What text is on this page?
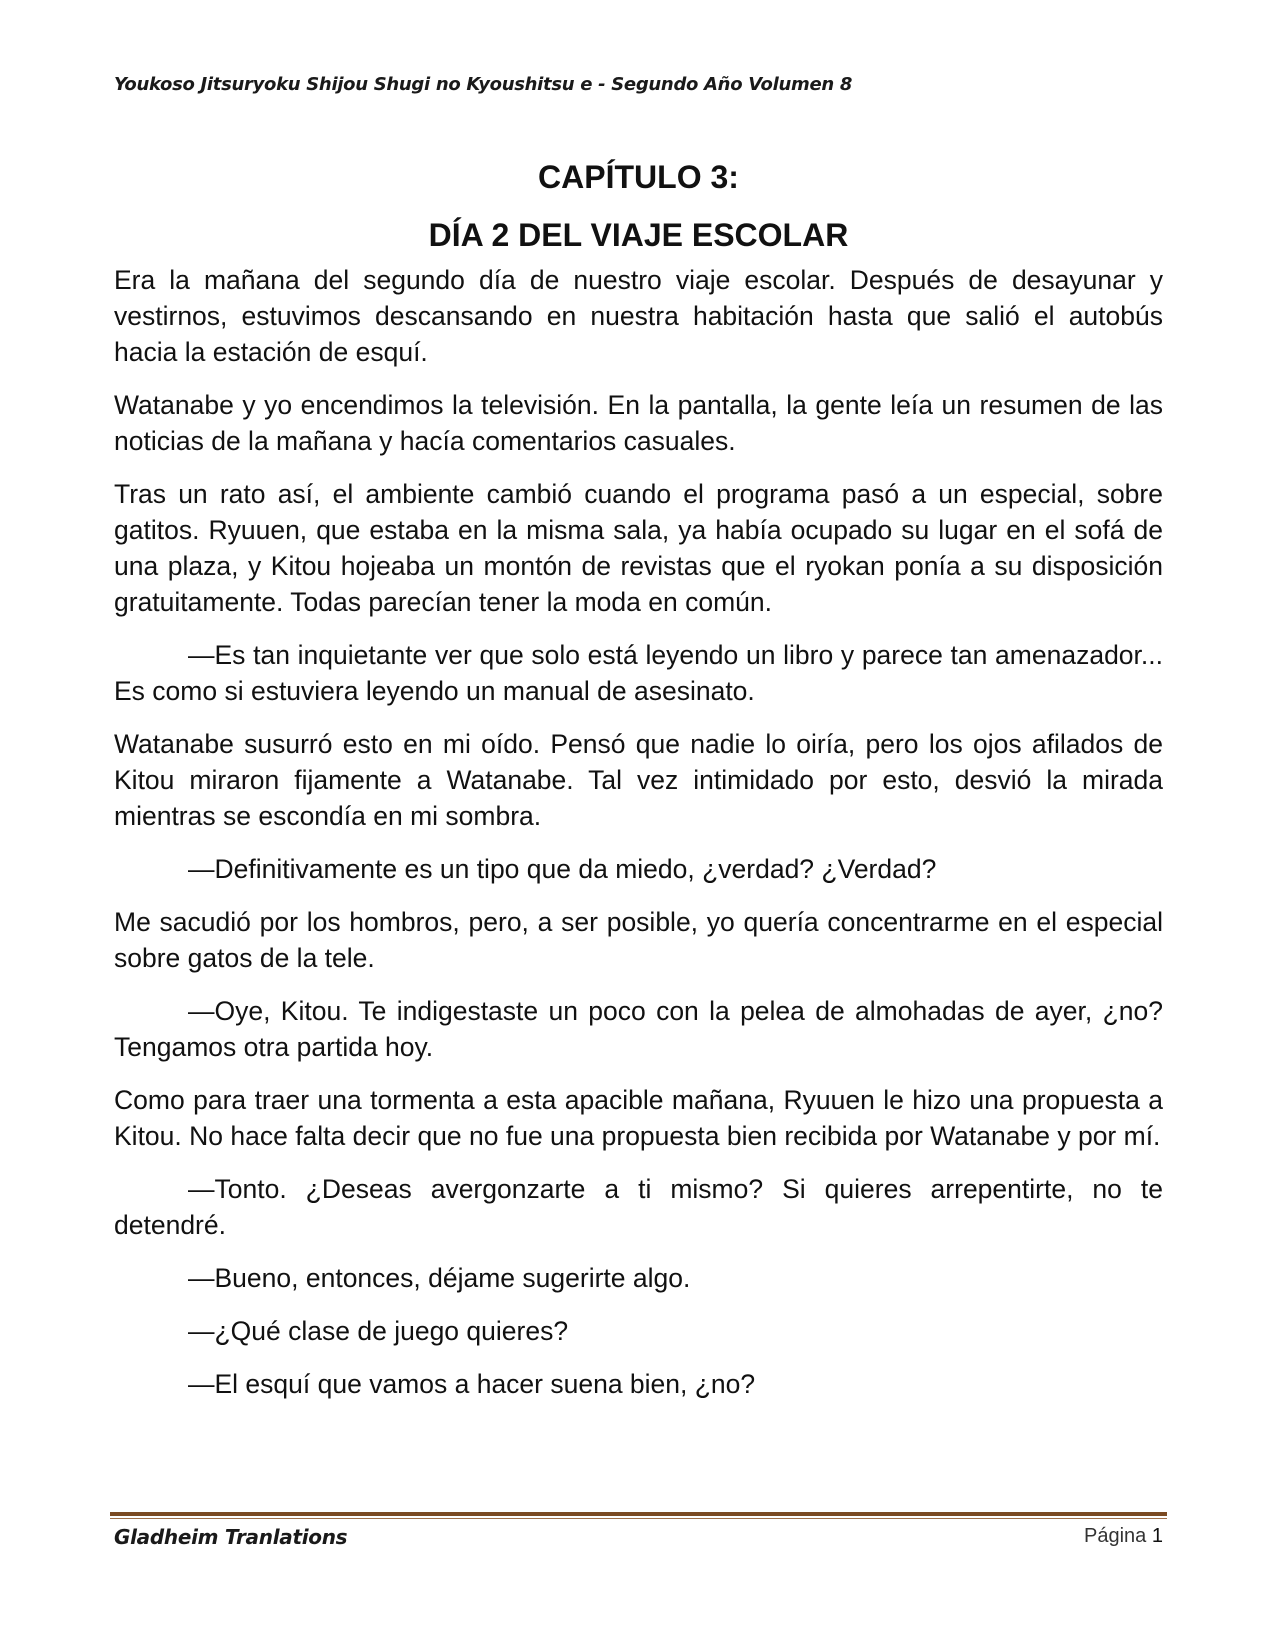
Youkoso Jitsuryoku Shijou Shugi no Kyoushitsu e - Segundo Año Volumen 8
CAPÍTULO 3:
DÍA 2 DEL VIAJE ESCOLAR

Era la mañana del segundo día de nuestro viaje escolar. Después de desayunar y vestirnos, estuvimos descansando en nuestra habitación hasta que salió el autobús hacia la estación de esquí.

Watanabe y yo encendimos la televisión. En la pantalla, la gente leía un resumen de las noticias de la mañana y hacía comentarios casuales.

Tras un rato así, el ambiente cambió cuando el programa pasó a un especial, sobre gatitos. Ryuuen, que estaba en la misma sala, ya había ocupado su lugar en el sofá de una plaza, y Kitou hojeaba un montón de revistas que el ryokan ponía a su disposición gratuitamente. Todas parecían tener la moda en común.

—Es tan inquietante ver que solo está leyendo un libro y parece tan amenazador... Es como si estuviera leyendo un manual de asesinato.

Watanabe susurró esto en mi oído. Pensó que nadie lo oiría, pero los ojos afilados de Kitou miraron fijamente a Watanabe. Tal vez intimidado por esto, desvió la mirada mientras se escondía en mi sombra.

—Definitivamente es un tipo que da miedo, ¿verdad? ¿Verdad?

Me sacudió por los hombros, pero, a ser posible, yo quería concentrarme en el especial sobre gatos de la tele.

—Oye, Kitou. Te indigestaste un poco con la pelea de almohadas de ayer, ¿no? Tengamos otra partida hoy.

Como para traer una tormenta a esta apacible mañana, Ryuuen le hizo una propuesta a Kitou. No hace falta decir que no fue una propuesta bien recibida por Watanabe y por mí.

—Tonto. ¿Deseas avergonzarte a ti mismo? Si quieres arrepentirte, no te detendré.

—Bueno, entonces, déjame sugerirte algo.

—¿Qué clase de juego quieres?

—El esquí que vamos a hacer suena bien, ¿no?

Gladheim Tranlations	Página 1
